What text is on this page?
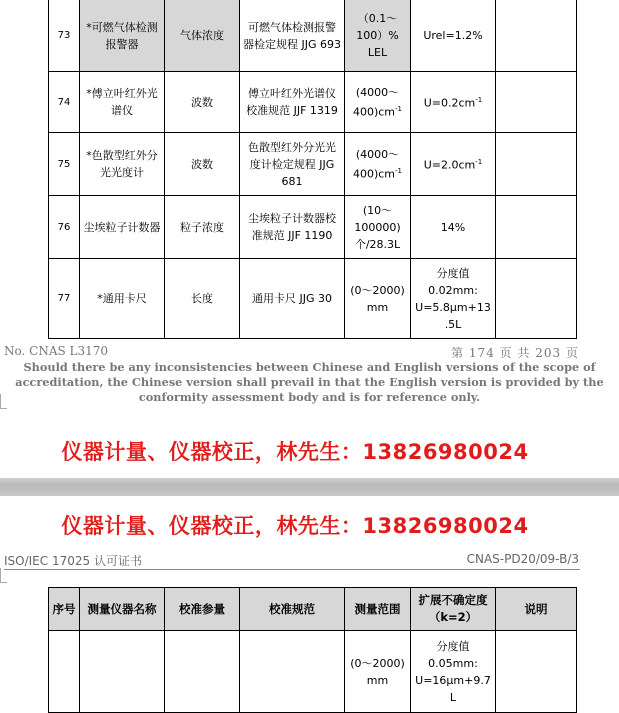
73	*可燃气体检测报警器	气体浓度	可燃气体检测报警器检定规程 JJG 693	（0.1～100）% LEL	Urel=1.2%	
74	*傅立叶红外光谱仪	波数	傅立叶红外光谱仪校准规范 JJF 1319	$(4000\sim 400)cm^{-1}$	$U=0.2cm^{-1}$	
75	*色散型红外分光光度计	波数	色散型红外分光光度计检定规程 JJG 681	$(4000\sim 400)cm^{-1}$	$U=2.0cm^{-1}$	
76	尘埃粒子计数器	粒子浓度	尘埃粒子计数器校准规范 JJF 1190	(10～100000)个/28.3L	14%	
77	*通用卡尺	长度	通用卡尺 JJG 30	(0～2000) mm	分度值
0.02mm:
U=5.8μm+13
.5L	

No. CNAS L3170	第 174 页 共 203 页
Should there be any inconsistencies between Chinese and English versions of the scope of accreditation, the Chinese version shall prevail in that the English version is provided by the conformity assessment body and is for reference only.
仪器计量、仪器校正，林先生：13826980024
仪器计量、仪器校正，林先生：13826980024
ISO/IEC 17025 认可证书	CNAS-PD20/09-B/3
序号	测量仪器名称	校准参量	校准规范	测量范围	扩展不确定度（k=2）	说明
				(0～2000) mm	分度值
0.05mm:
U=16μm+9.7
L	
